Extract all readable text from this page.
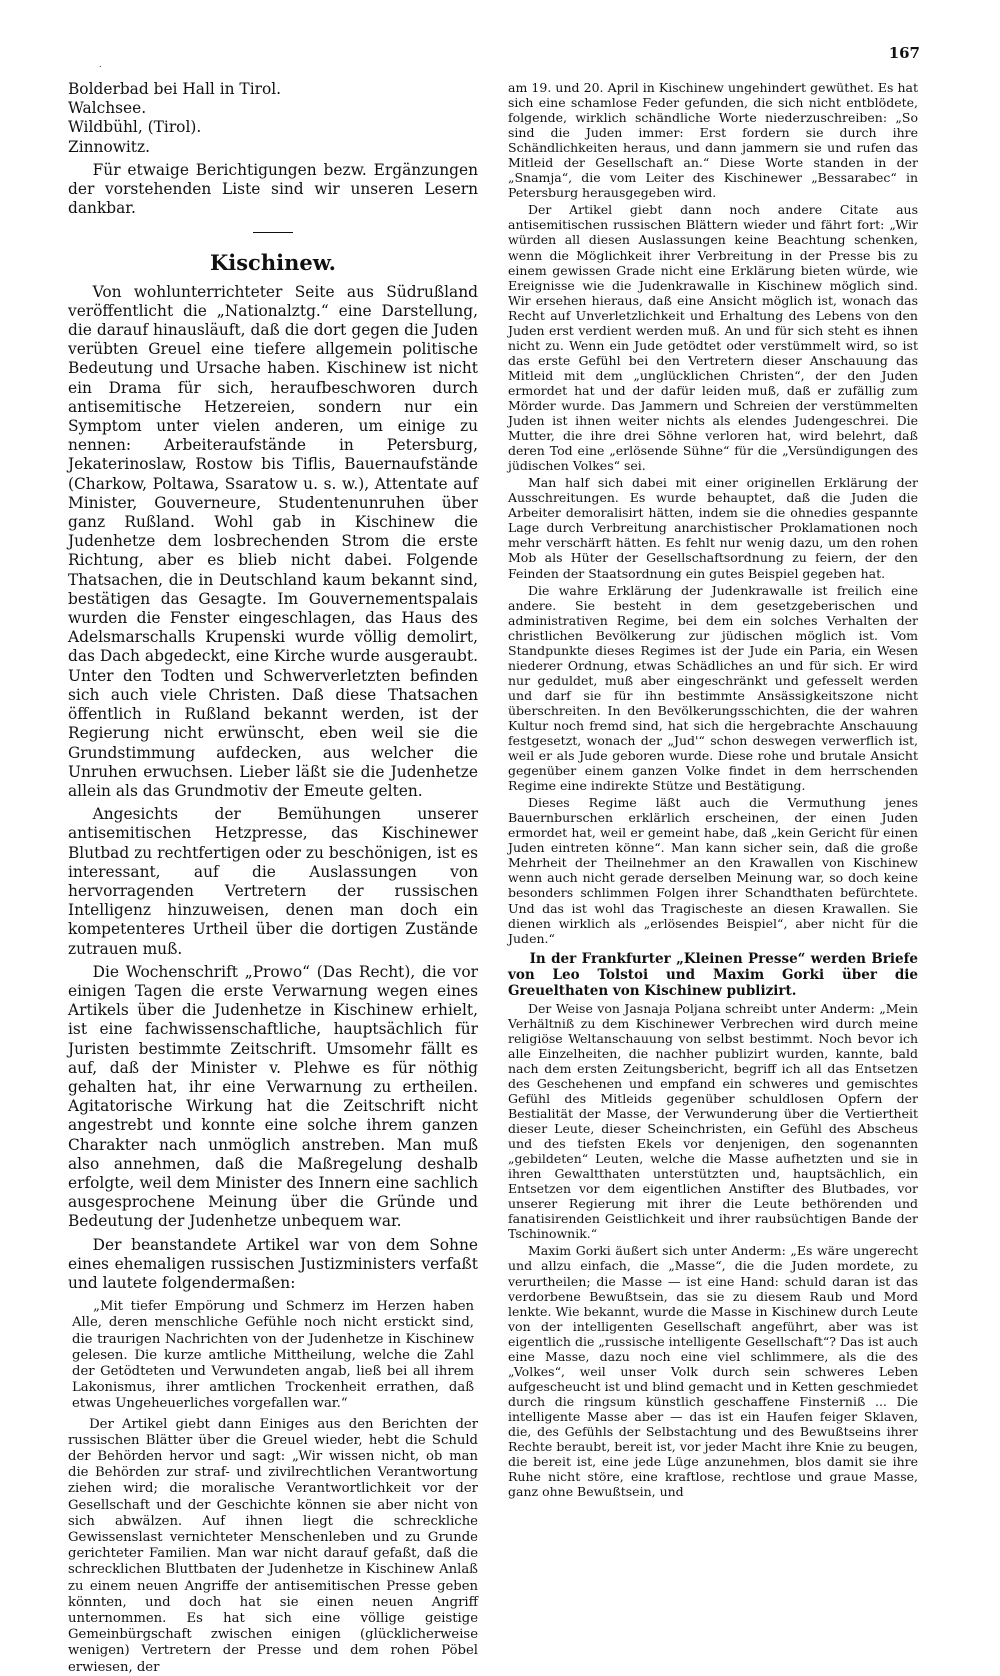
167
.

Bolderbad bei Hall in Tirol.

Walchsee.

Wildbühl, (Tirol).

Zinnowitz.

Für etwaige Berichtigungen bezw. Ergänzungen der vorstehenden Liste sind wir unseren Lesern dankbar.

Kischinew.

Von wohlunterrichteter Seite aus Südrußland veröffentlicht die „Nationalztg.“ eine Darstellung, die darauf hinausläuft, daß die dort gegen die Juden verübten Greuel eine tiefere allgemein politische Bedeutung und Ursache haben. Kischinew ist nicht ein Drama für sich, heraufbeschworen durch antisemitische Hetzereien, sondern nur ein Symptom unter vielen anderen, um einige zu nennen: Arbeiteraufstände in Petersburg, Jekaterinoslaw, Rostow bis Tiflis, Bauernaufstände (Charkow, Poltawa, Ssaratow u. s. w.), Attentate auf Minister, Gouverneure, Studentenunruhen über ganz Rußland. Wohl gab in Kischinew die Judenhetze dem losbrechenden Strom die erste Richtung, aber es blieb nicht dabei. Folgende Thatsachen, die in Deutschland kaum bekannt sind, bestätigen das Gesagte. Im Gouvernementspalais wurden die Fenster eingeschlagen, das Haus des Adelsmarschalls Krupenski wurde völlig demolirt, das Dach abgedeckt, eine Kirche wurde ausgeraubt. Unter den Todten und Schwerverletzten befinden sich auch viele Christen. Daß diese Thatsachen öffentlich in Rußland bekannt werden, ist der Regierung nicht erwünscht, eben weil sie die Grundstimmung aufdecken, aus welcher die Unruhen erwuchsen. Lieber läßt sie die Judenhetze allein als das Grundmotiv der Emeute gelten.

Angesichts der Bemühungen unserer antisemitischen Hetzpresse, das Kischinewer Blutbad zu rechtfertigen oder zu beschönigen, ist es interessant, auf die Auslassungen von hervorragenden Vertretern der russischen Intelligenz hinzuweisen, denen man doch ein kompetenteres Urtheil über die dortigen Zustände zutrauen muß.

Die Wochenschrift „Prowo“ (Das Recht), die vor einigen Tagen die erste Verwarnung wegen eines Artikels über die Judenhetze in Kischinew erhielt, ist eine fachwissenschaftliche, hauptsächlich für Juristen bestimmte Zeitschrift. Umsomehr fällt es auf, daß der Minister v. Plehwe es für nöthig gehalten hat, ihr eine Verwarnung zu ertheilen. Agitatorische Wirkung hat die Zeitschrift nicht angestrebt und konnte eine solche ihrem ganzen Charakter nach unmöglich anstreben. Man muß also annehmen, daß die Maßregelung deshalb erfolgte, weil dem Minister des Innern eine sachlich ausgesprochene Meinung über die Gründe und Bedeutung der Judenhetze unbequem war.

Der beanstandete Artikel war von dem Sohne eines ehemaligen russischen Justizministers verfaßt und lautete folgendermaßen:

„Mit tiefer Empörung und Schmerz im Herzen haben Alle, deren menschliche Gefühle noch nicht erstickt sind, die traurigen Nachrichten von der Judenhetze in Kischinew gelesen. Die kurze amtliche Mittheilung, welche die Zahl der Getödteten und Verwundeten angab, ließ bei all ihrem Lakonismus, ihrer amtlichen Trockenheit errathen, daß etwas Ungeheuerliches vorgefallen war.“

Der Artikel giebt dann Einiges aus den Berichten der russischen Blätter über die Greuel wieder, hebt die Schuld der Behörden hervor und sagt: „Wir wissen nicht, ob man die Behörden zur straf- und zivilrechtlichen Verantwortung ziehen wird; die moralische Verantwortlichkeit vor der Gesellschaft und der Geschichte können sie aber nicht von sich abwälzen. Auf ihnen liegt die schreckliche Gewissenslast vernichteter Menschenleben und zu Grunde gerichteter Familien. Man war nicht darauf gefaßt, daß die schrecklichen Bluttbaten der Judenhetze in Kischinew Anlaß zu einem neuen Angriffe der antisemitischen Presse geben könnten, und doch hat sie einen neuen Angriff unternommen. Es hat sich eine völlige geistige Gemeinbürgschaft zwischen einigen (glücklicherweise wenigen) Vertretern der Presse und dem rohen Pöbel erwiesen, der

am 19. und 20. April in Kischinew ungehindert gewüthet. Es hat sich eine schamlose Feder gefunden, die sich nicht entblödete, folgende, wirklich schändliche Worte niederzuschreiben: „So sind die Juden immer: Erst fordern sie durch ihre Schändlichkeiten heraus, und dann jammern sie und rufen das Mitleid der Gesellschaft an.“ Diese Worte standen in der „Snamja“, die vom Leiter des Kischinewer „Bessarabec“ in Petersburg herausgegeben wird.

Der Artikel giebt dann noch andere Citate aus antisemitischen russischen Blättern wieder und fährt fort: „Wir würden all diesen Auslassungen keine Beachtung schenken, wenn die Möglichkeit ihrer Verbreitung in der Presse bis zu einem gewissen Grade nicht eine Erklärung bieten würde, wie Ereignisse wie die Judenkrawalle in Kischinew möglich sind. Wir ersehen hieraus, daß eine Ansicht möglich ist, wonach das Recht auf Unverletzlichkeit und Erhaltung des Lebens von den Juden erst verdient werden muß. An und für sich steht es ihnen nicht zu. Wenn ein Jude getödtet oder verstümmelt wird, so ist das erste Gefühl bei den Vertretern dieser Anschauung das Mitleid mit dem „unglücklichen Christen“, der den Juden ermordet hat und der dafür leiden muß, daß er zufällig zum Mörder wurde. Das Jammern und Schreien der verstümmelten Juden ist ihnen weiter nichts als elendes Judengeschrei. Die Mutter, die ihre drei Söhne verloren hat, wird belehrt, daß deren Tod eine „erlösende Sühne“ für die „Versündigungen des jüdischen Volkes“ sei.

Man half sich dabei mit einer originellen Erklärung der Ausschreitungen. Es wurde behauptet, daß die Juden die Arbeiter demoralisirt hätten, indem sie die ohnedies gespannte Lage durch Verbreitung anarchistischer Proklamationen noch mehr verschärft hätten. Es fehlt nur wenig dazu, um den rohen Mob als Hüter der Gesellschaftsordnung zu feiern, der den Feinden der Staatsordnung ein gutes Beispiel gegeben hat.

Die wahre Erklärung der Judenkrawalle ist freilich eine andere. Sie besteht in dem gesetzgeberischen und administrativen Regime, bei dem ein solches Verhalten der christlichen Bevölkerung zur jüdischen möglich ist. Vom Standpunkte dieses Regimes ist der Jude ein Paria, ein Wesen niederer Ordnung, etwas Schädliches an und für sich. Er wird nur geduldet, muß aber eingeschränkt und gefesselt werden und darf sie für ihn bestimmte Ansässigkeitszone nicht überschreiten. In den Bevölkerungsschichten, die der wahren Kultur noch fremd sind, hat sich die hergebrachte Anschauung festgesetzt, wonach der „Jud'“ schon deswegen verwerflich ist, weil er als Jude geboren wurde. Diese rohe und brutale Ansicht gegenüber einem ganzen Volke findet in dem herrschenden Regime eine indirekte Stütze und Bestätigung.

Dieses Regime läßt auch die Vermuthung jenes Bauernburschen erklärlich erscheinen, der einen Juden ermordet hat, weil er gemeint habe, daß „kein Gericht für einen Juden eintreten könne“. Man kann sicher sein, daß die große Mehrheit der Theilnehmer an den Krawallen von Kischinew wenn auch nicht gerade derselben Meinung war, so doch keine besonders schlimmen Folgen ihrer Schandthaten befürchtete. Und das ist wohl das Tragischeste an diesen Krawallen. Sie dienen wirklich als „erlösendes Beispiel“, aber nicht für die Juden.“

In der Frankfurter „Kleinen Presse“ werden Briefe von Leo Tolstoi und Maxim Gorki über die Greuelthaten von Kischinew publizirt.

Der Weise von Jasnaja Poljana schreibt unter Anderm: „Mein Verhältniß zu dem Kischinewer Verbrechen wird durch meine religiöse Weltanschauung von selbst bestimmt. Noch bevor ich alle Einzelheiten, die nachher publizirt wurden, kannte, bald nach dem ersten Zeitungsbericht, begriff ich all das Entsetzen des Geschehenen und empfand ein schweres und gemischtes Gefühl des Mitleids gegenüber schuldlosen Opfern der Bestialität der Masse, der Verwunderung über die Vertiertheit dieser Leute, dieser Scheinchristen, ein Gefühl des Abscheus und des tiefsten Ekels vor denjenigen, den sogenannten „gebildeten“ Leuten, welche die Masse aufhetzten und sie in ihren Gewaltthaten unterstützten und, hauptsächlich, ein Entsetzen vor dem eigentlichen Anstifter des Blutbades, vor unserer Regierung mit ihrer die Leute bethörenden und fanatisirenden Geistlichkeit und ihrer raubsüchtigen Bande der Tschinownik.“

Maxim Gorki äußert sich unter Anderm: „Es wäre ungerecht und allzu einfach, die „Masse“, die die Juden mordete, zu verurtheilen; die Masse — ist eine Hand: schuld daran ist das verdorbene Bewußtsein, das sie zu diesem Raub und Mord lenkte. Wie bekannt, wurde die Masse in Kischinew durch Leute von der intelligenten Gesellschaft angeführt, aber was ist eigentlich die „russische intelligente Gesellschaft“? Das ist auch eine Masse, dazu noch eine viel schlimmere, als die des „Volkes“, weil unser Volk durch sein schweres Leben aufgescheucht ist und blind gemacht und in Ketten geschmiedet durch die ringsum künstlich geschaffene Finsterniß ... Die intelligente Masse aber — das ist ein Haufen feiger Sklaven, die, des Gefühls der Selbstachtung und des Bewußtseins ihrer Rechte beraubt, bereit ist, vor jeder Macht ihre Knie zu beugen, die bereit ist, eine jede Lüge anzunehmen, blos damit sie ihre Ruhe nicht störe, eine kraftlose, rechtlose und graue Masse, ganz ohne Bewußtsein, und
